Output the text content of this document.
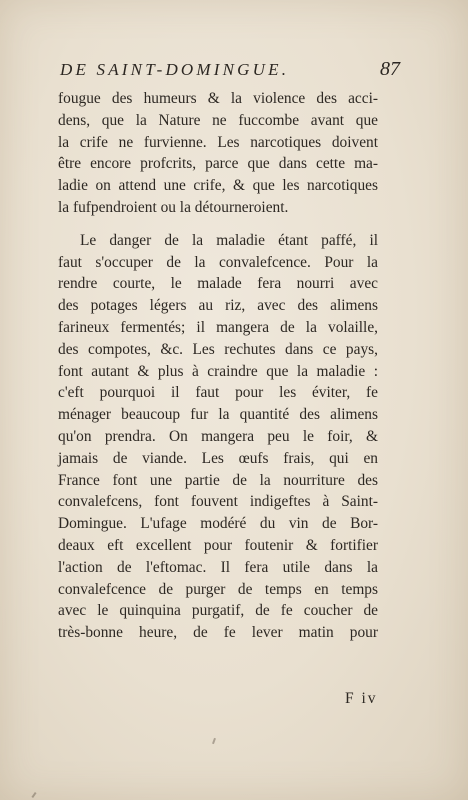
DE SAINT-DOMINGUE.	87
fougue des humeurs & la violence des acci-
dens, que la Nature ne fuccombe avant que
la crife ne furvienne. Les narcotiques doivent
être encore profcrits, parce que dans cette ma-
ladie on attend une crife, & que les narcotiques
la fufpendroient ou la détourneroient.
Le danger de la maladie étant paffé, il
faut s'occuper de la convalefcence. Pour la
rendre courte, le malade fera nourri avec
des potages légers au riz, avec des alimens
farineux fermentés; il mangera de la volaille,
des compotes, &c. Les rechutes dans ce pays,
font autant & plus à craindre que la maladie :
c'eft pourquoi il faut pour les éviter, fe
ménager beaucoup fur la quantité des alimens
qu'on prendra. On mangera peu le foir, &
jamais de viande. Les œufs frais, qui en
France font une partie de la nourriture des
convalefcens, font fouvent indigeftes à Saint-
Domingue. L'ufage modéré du vin de Bor-
deaux eft excellent pour foutenir & fortifier
l'action de l'eftomac. Il fera utile dans la
convalefcence de purger de temps en temps
avec le quinquina purgatif, de fe coucher de
très-bonne heure, de fe lever matin pour
F iv
